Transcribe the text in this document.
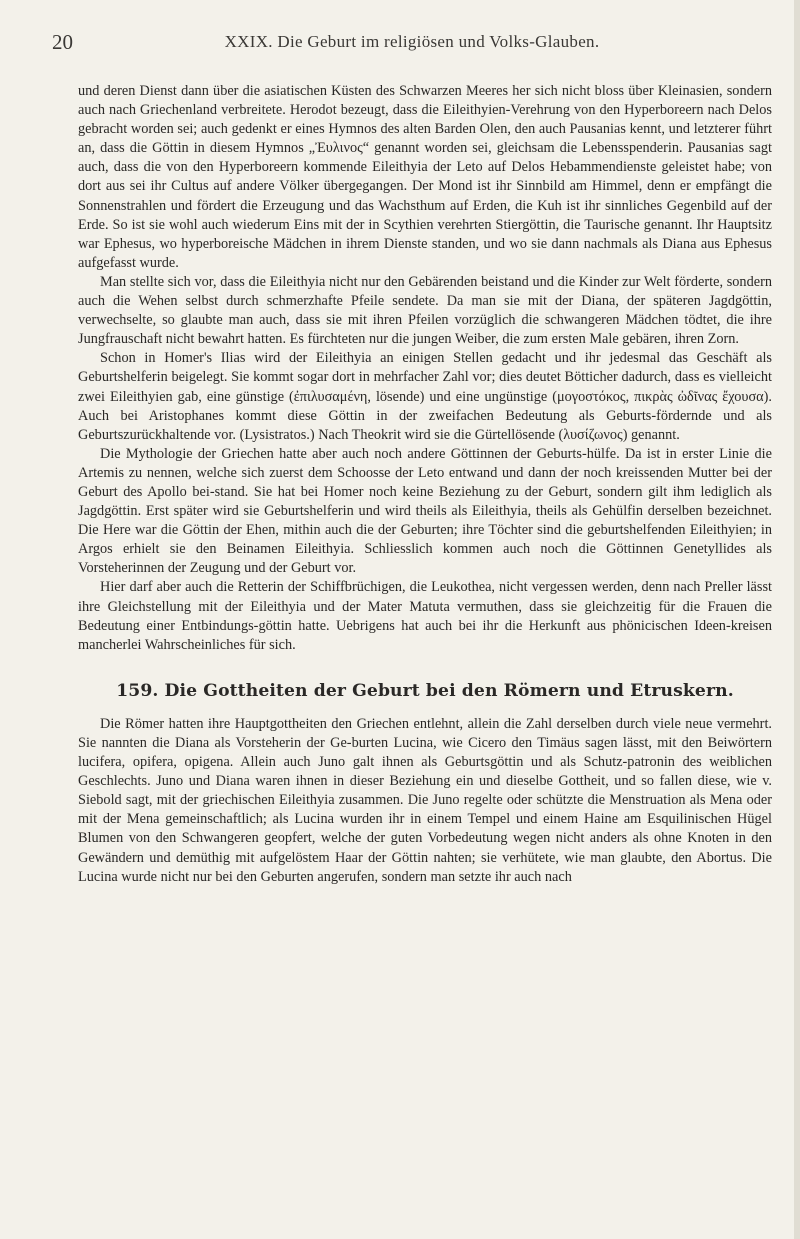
20	XXIX. Die Geburt im religiösen und Volks-Glauben.

und deren Dienst dann über die asiatischen Küsten des Schwarzen Meeres her sich nicht bloss über Kleinasien, sondern auch nach Griechenland verbreitete. Herodot bezeugt, dass die Eileithyien-Verehrung von den Hyperboreern nach Delos gebracht worden sei; auch gedenkt er eines Hymnos des alten Barden Olen, den auch Pausanias kennt, und letzterer führt an, dass die Göttin in diesem Hymnos „Ἐυλινος“ genannt worden sei, gleichsam die Lebensspenderin. Pausanias sagt auch, dass die von den Hyperboreern kommende Eileithyia der Leto auf Delos Hebammendienste geleistet habe; von dort aus sei ihr Cultus auf andere Völker übergegangen. Der Mond ist ihr Sinnbild am Himmel, denn er empfängt die Sonnenstrahlen und fördert die Erzeugung und das Wachsthum auf Erden, die Kuh ist ihr sinnliches Gegenbild auf der Erde. So ist sie wohl auch wiederum Eins mit der in Scythien verehrten Stiergöttin, die Taurische genannt. Ihr Hauptsitz war Ephesus, wo hyperboreische Mädchen in ihrem Dienste standen, und wo sie dann nachmals als Diana aus Ephesus aufgefasst wurde.

Man stellte sich vor, dass die Eileithyia nicht nur den Gebärenden beistand und die Kinder zur Welt förderte, sondern auch die Wehen selbst durch schmerzhafte Pfeile sendete. Da man sie mit der Diana, der späteren Jagdgöttin, verwechselte, so glaubte man auch, dass sie mit ihren Pfeilen vorzüglich die schwangeren Mädchen tödtet, die ihre Jungfrauschaft nicht bewahrt hatten. Es fürchteten nur die jungen Weiber, die zum ersten Male gebären, ihren Zorn.

Schon in Homer's Ilias wird der Eileithyia an einigen Stellen gedacht und ihr jedesmal das Geschäft als Geburtshelferin beigelegt. Sie kommt sogar dort in mehrfacher Zahl vor; dies deutet Bötticher dadurch, dass es vielleicht zwei Eileithyien gab, eine günstige (ἐπιλυσαμένη, lösende) und eine ungünstige (μογοστόκος, πικρὰς ὠδῖνας ἔχουσα). Auch bei Aristophanes kommt diese Göttin in der zweifachen Bedeutung als Geburts-fördernde und als Geburtszurückhaltende vor. (Lysistratos.) Nach Theokrit wird sie die Gürtellösende (λυσίζωνος) genannt.

Die Mythologie der Griechen hatte aber auch noch andere Göttinnen der Geburts-hülfe. Da ist in erster Linie die Artemis zu nennen, welche sich zuerst dem Schoosse der Leto entwand und dann der noch kreissenden Mutter bei der Geburt des Apollo bei-stand. Sie hat bei Homer noch keine Beziehung zu der Geburt, sondern gilt ihm lediglich als Jagdgöttin. Erst später wird sie Geburtshelferin und wird theils als Eileithyia, theils als Gehülfin derselben bezeichnet. Die Here war die Göttin der Ehen, mithin auch die der Geburten; ihre Töchter sind die geburtshelfenden Eileithyien; in Argos erhielt sie den Beinamen Eileithyia. Schliesslich kommen auch noch die Göttinnen Genetyllides als Vorsteherinnen der Zeugung und der Geburt vor.

Hier darf aber auch die Retterin der Schiffbrüchigen, die Leukothea, nicht vergessen werden, denn nach Preller lässt ihre Gleichstellung mit der Eileithyia und der Mater Matuta vermuthen, dass sie gleichzeitig für die Frauen die Bedeutung einer Entbindungs-göttin hatte. Uebrigens hat auch bei ihr die Herkunft aus phönicischen Ideen-kreisen mancherlei Wahrscheinliches für sich.

159. Die Gottheiten der Geburt bei den Römern und Etruskern.

Die Römer hatten ihre Hauptgottheiten den Griechen entlehnt, allein die Zahl derselben durch viele neue vermehrt. Sie nannten die Diana als Vorsteherin der Ge-burten Lucina, wie Cicero den Timäus sagen lässt, mit den Beiwörtern lucifera, opifera, opigena. Allein auch Juno galt ihnen als Geburtsgöttin und als Schutz-patronin des weiblichen Geschlechts. Juno und Diana waren ihnen in dieser Beziehung ein und dieselbe Gottheit, und so fallen diese, wie v. Siebold sagt, mit der griechischen Eileithyia zusammen. Die Juno regelte oder schützte die Menstruation als Mena oder mit der Mena gemeinschaftlich; als Lucina wurden ihr in einem Tempel und einem Haine am Esquilinischen Hügel Blumen von den Schwangeren geopfert, welche der guten Vorbedeutung wegen nicht anders als ohne Knoten in den Gewändern und demüthig mit aufgelöstem Haar der Göttin nahten; sie verhütete, wie man glaubte, den Abortus. Die Lucina wurde nicht nur bei den Geburten angerufen, sondern man setzte ihr auch nach
